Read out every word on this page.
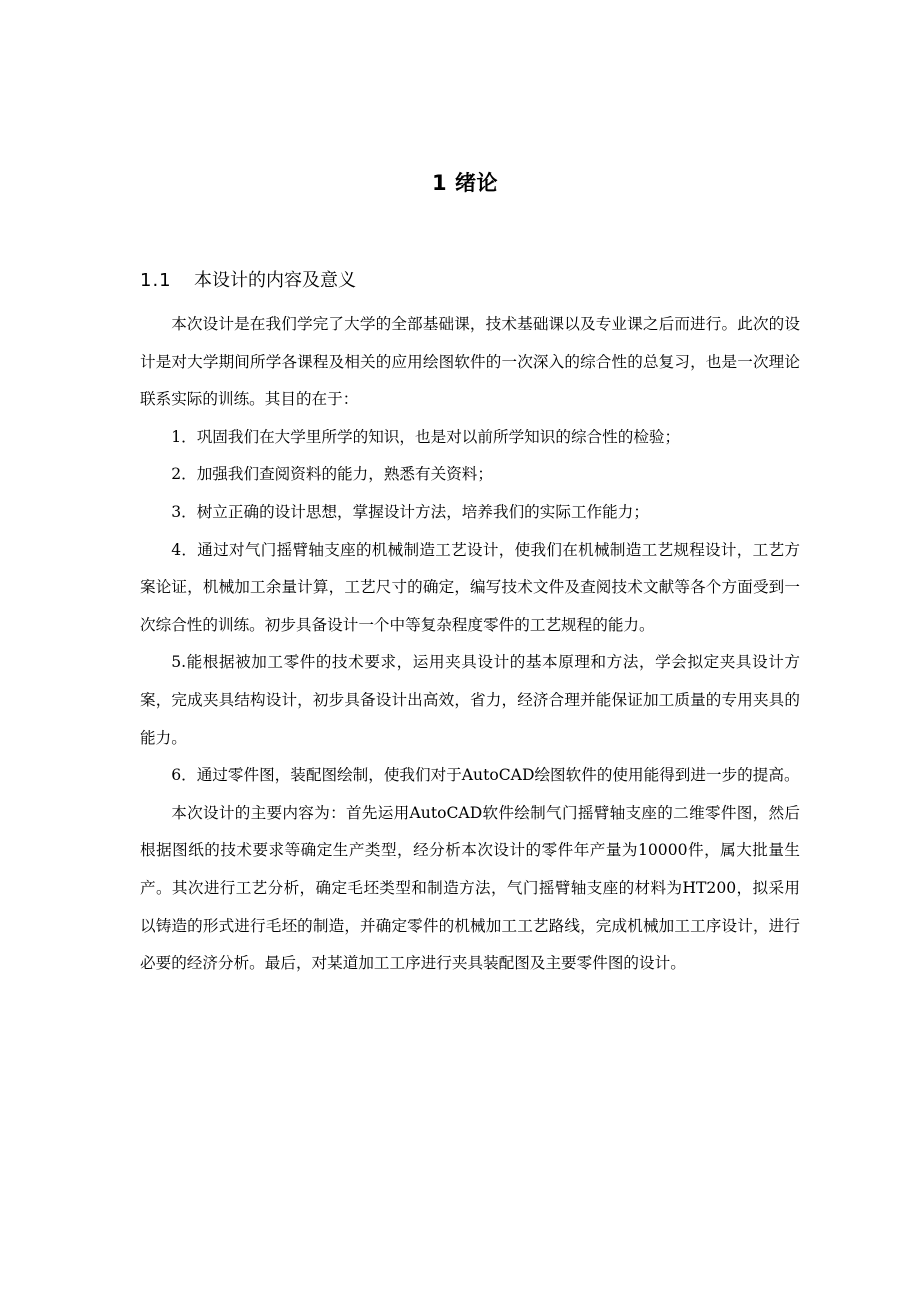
1 绪论
1.1 本设计的内容及意义

本次设计是在我们学完了大学的全部基础课，技术基础课以及专业课之后而进行。此次的设计是对大学期间所学各课程及相关的应用绘图软件的一次深入的综合性的总复习，也是一次理论联系实际的训练。其目的在于：

1．巩固我们在大学里所学的知识，也是对以前所学知识的综合性的检验；

2．加强我们查阅资料的能力，熟悉有关资料；

3．树立正确的设计思想，掌握设计方法，培养我们的实际工作能力；

4．通过对气门摇臂轴支座的机械制造工艺设计，使我们在机械制造工艺规程设计，工艺方案论证，机械加工余量计算，工艺尺寸的确定，编写技术文件及查阅技术文献等各个方面受到一次综合性的训练。初步具备设计一个中等复杂程度零件的工艺规程的能力。

5.能根据被加工零件的技术要求，运用夹具设计的基本原理和方法，学会拟定夹具设计方案，完成夹具结构设计，初步具备设计出高效，省力，经济合理并能保证加工质量的专用夹具的能力。

6．通过零件图，装配图绘制，使我们对于AutoCAD绘图软件的使用能得到进一步的提高。

本次设计的主要内容为：首先运用AutoCAD软件绘制气门摇臂轴支座的二维零件图，然后根据图纸的技术要求等确定生产类型，经分析本次设计的零件年产量为10000件，属大批量生产。其次进行工艺分析，确定毛坯类型和制造方法，气门摇臂轴支座的材料为HT200，拟采用以铸造的形式进行毛坯的制造，并确定零件的机械加工工艺路线，完成机械加工工序设计，进行必要的经济分析。最后，对某道加工工序进行夹具装配图及主要零件图的设计。
